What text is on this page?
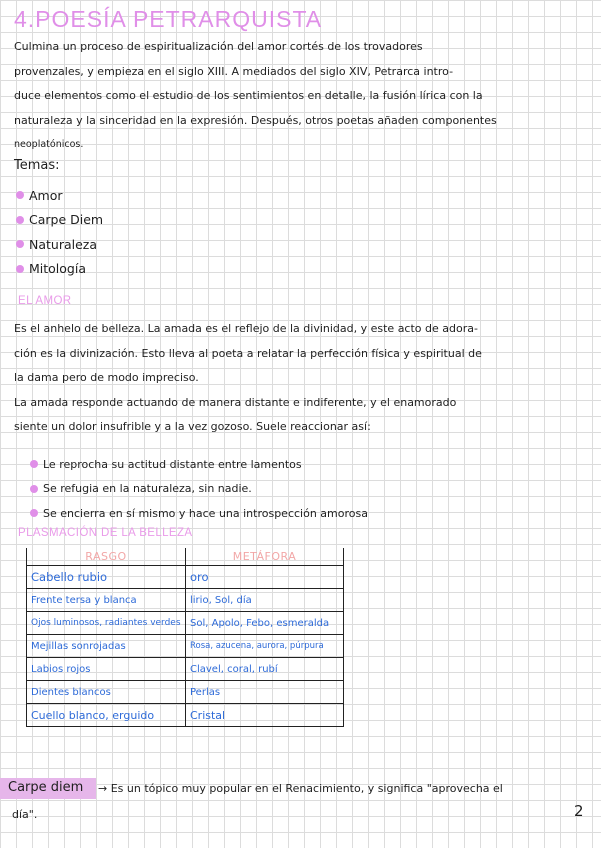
4.POESÍA PETRARQUISTA
Culmina un proceso de espiritualización del amor cortés de los trovadores
provenzales, y empieza en el siglo XIII. A mediados del siglo XIV, Petrarca intro-
duce elementos como el estudio de los sentimientos en detalle, la fusión lírica con la
naturaleza y la sinceridad en la expresión. Después, otros poetas añaden componentes
neoplatónicos.
Temas:
Amor
Carpe Diem
Naturaleza
Mitología
EL AMOR
Es el anhelo de belleza. La amada es el reflejo de la divinidad, y este acto de adora-
ción es la divinización. Esto lleva al poeta a relatar la perfección física y espiritual de
la dama pero de modo impreciso.
La amada responde actuando de manera distante e indiferente, y el enamorado
siente un dolor insufrible y a la vez gozoso. Suele reaccionar así:
Le reprocha su actitud distante entre lamentos
Se refugia en la naturaleza, sin nadie.
Se encierra en sí mismo y hace una introspección amorosa
PLASMACIÓN DE LA BELLEZA
RASGO	METÁFORA
Cabello rubio	oro
Frente tersa y blanca	lirio, Sol, día
Ojos luminosos, radiantes verdes	Sol, Apolo, Febo, esmeralda
Mejillas sonrojadas	Rosa, azucena, aurora, púrpura
Labios rojos	Clavel, coral, rubí
Dientes blancos	Perlas
Cuello blanco, erguido	Cristal
Carpe diem → Es un tópico muy popular en el Renacimiento, y significa "aprovecha el
día".	2
